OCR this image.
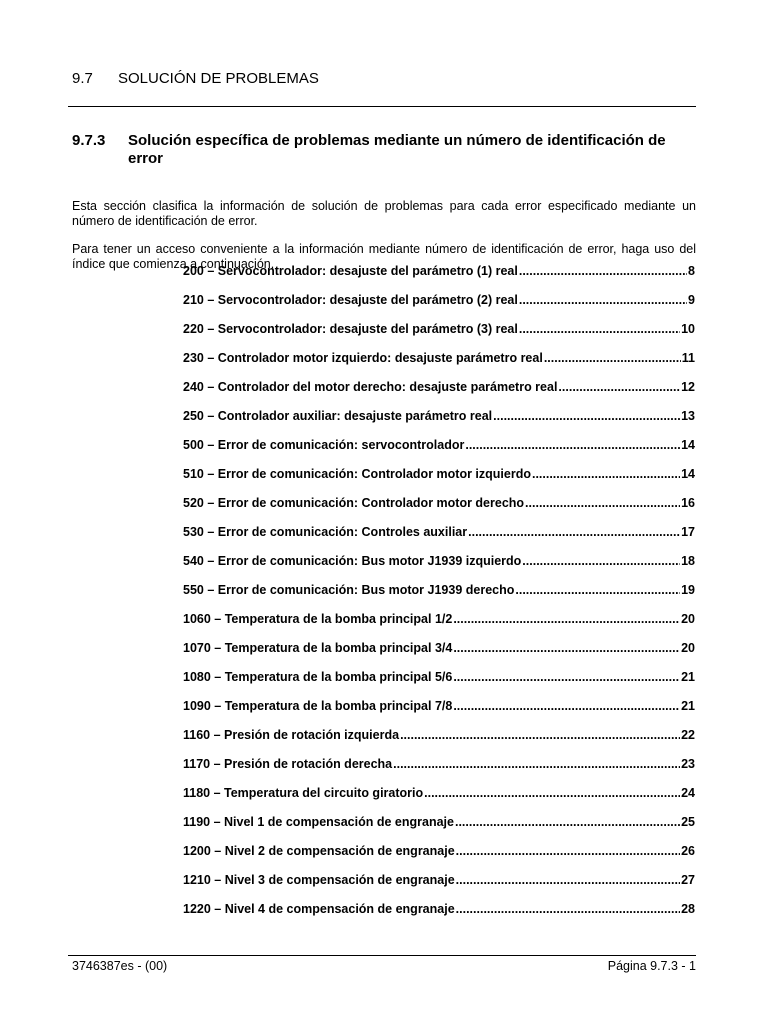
9.7 SOLUCIÓN DE PROBLEMAS
9.7.3 Solución específica de problemas mediante un número de identificación de error

Esta sección clasifica la información de solución de problemas para cada error especificado mediante un número de identificación de error.

Para tener un acceso conveniente a la información mediante número de identificación de error, haga uso del índice que comienza a continuación.

200 – Servocontrolador: desajuste del parámetro (1) real .....	8
210 – Servocontrolador: desajuste del parámetro (2) real .....	9
220 – Servocontrolador: desajuste del parámetro (3) real .....	10
230 – Controlador motor izquierdo: desajuste parámetro real .....	11
240 – Controlador del motor derecho: desajuste parámetro real .....	12
250 – Controlador auxiliar: desajuste parámetro real .....	13
500 – Error de comunicación: servocontrolador .....	14
510 – Error de comunicación: Controlador motor izquierdo .....	14
520 – Error de comunicación: Controlador motor derecho .....	16
530 – Error de comunicación: Controles auxiliar .....	17
540 – Error de comunicación: Bus motor J1939 izquierdo .....	18
550 – Error de comunicación: Bus motor J1939 derecho .....	19
1060 – Temperatura de la bomba principal 1/2 .....	20
1070 – Temperatura de la bomba principal 3/4 .....	20
1080 – Temperatura de la bomba principal 5/6 .....	21
1090 – Temperatura de la bomba principal 7/8 .....	21
1160 – Presión de rotación izquierda .....	22
1170 – Presión de rotación derecha .....	23
1180 – Temperatura del circuito giratorio .....	24
1190 – Nivel 1 de compensación de engranaje .....	25
1200 – Nivel 2 de compensación de engranaje .....	26
1210 – Nivel 3 de compensación de engranaje .....	27
1220 – Nivel 4 de compensación de engranaje .....	28
3746387es - (00)	Página 9.7.3 - 1
